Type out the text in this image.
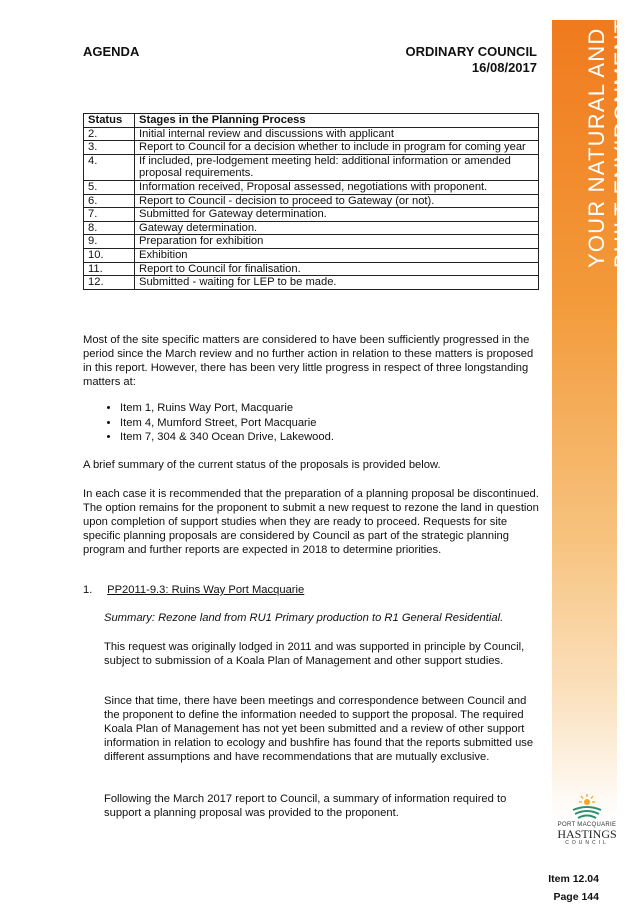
AGENDA	ORDINARY COUNCIL
16/08/2017
Status	Stages in the Planning Process
2.	Initial internal review and discussions with applicant
3.	Report to Council for a decision whether to include in program for coming year
4.	If included, pre-lodgement meeting held: additional information or amended proposal requirements.
5.	Information received, Proposal assessed, negotiations with proponent.
6.	Report to Council - decision to proceed to Gateway (or not).
7.	Submitted for Gateway determination.
8.	Gateway determination.
9.	Preparation for exhibition
10.	Exhibition
11.	Report to Council for finalisation.
12.	Submitted - waiting for LEP to be made.

Most of the site specific matters are considered to have been sufficiently progressed in the period since the March review and no further action in relation to these matters is proposed in this report. However, there has been very little progress in respect of three longstanding matters at:

• Item 1, Ruins Way Port, Macquarie
• Item 4, Mumford Street, Port Macquarie
• Item 7, 304 & 340 Ocean Drive, Lakewood.

A brief summary of the current status of the proposals is provided below.

In each case it is recommended that the preparation of a planning proposal be discontinued. The option remains for the proponent to submit a new request to rezone the land in question upon completion of support studies when they are ready to proceed. Requests for site specific planning proposals are considered by Council as part of the strategic planning program and further reports are expected in 2018 to determine priorities.

1. PP2011-9.3: Ruins Way Port Macquarie
Summary: Rezone land from RU1 Primary production to R1 General Residential.
This request was originally lodged in 2011 and was supported in principle by Council, subject to submission of a Koala Plan of Management and other support studies.
Since that time, there have been meetings and correspondence between Council and the proponent to define the information needed to support the proposal. The required Koala Plan of Management has not yet been submitted and a review of other support information in relation to ecology and bushfire has found that the reports submitted use different assumptions and have recommendations that are mutually exclusive.
Following the March 2017 report to Council, a summary of information required to support a planning proposal was provided to the proponent.
YOUR NATURAL AND BUILT ENVIRONMENT
PORT MACQUARIE
HASTINGS
COUNCIL
Item 12.04
Page 144
